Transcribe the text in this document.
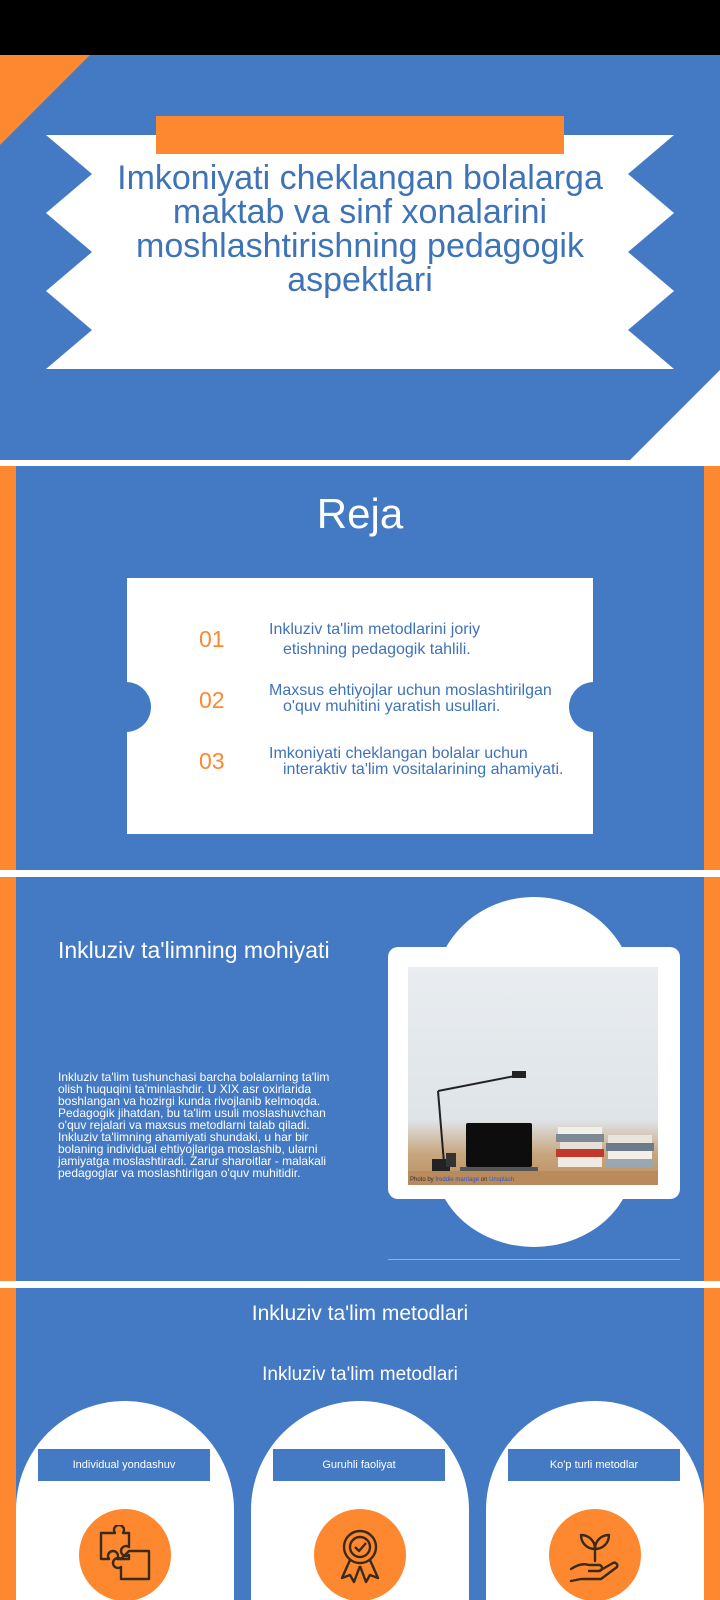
Imkoniyati cheklangan bolalarga maktab va sinf xonalarini moshlashtirishning pedagogik aspektlari
Reja
01	Inkluziv ta'lim metodlarini joriy
etishning pedagogik tahlili.
02	Maxsus ehtiyojlar uchun moslashtirilgan
o'quv muhitini yaratish usullari.
03	Imkoniyati cheklangan bolalar uchun
interaktiv ta'lim vositalarining ahamiyati.
Inkluziv ta'limning mohiyati
Inkluziv ta'lim tushunchasi barcha bolalarning ta'lim olish huquqini ta'minlashdir. U XIX asr oxirlarida boshlangan va hozirgi kunda rivojlanib kelmoqda. Pedagogik jihatdan, bu ta'lim usuli moslashuvchan o'quv rejalari va maxsus metodlarni talab qiladi. Inkluziv ta'limning ahamiyati shundaki, u har bir bolaning individual ehtiyojlariga moslashib, ularni jamiyatga moslashtiradi. Zarur sharoitlar - malakali pedagoglar va moslashtirilgan o'quv muhitidir.	Photo by freddie marriage on Unsplash
Inkluziv ta'lim metodlari
Inkluziv ta'lim metodlari
Individual yondashuv	Guruhli faoliyat	Ko'p turli metodlar
